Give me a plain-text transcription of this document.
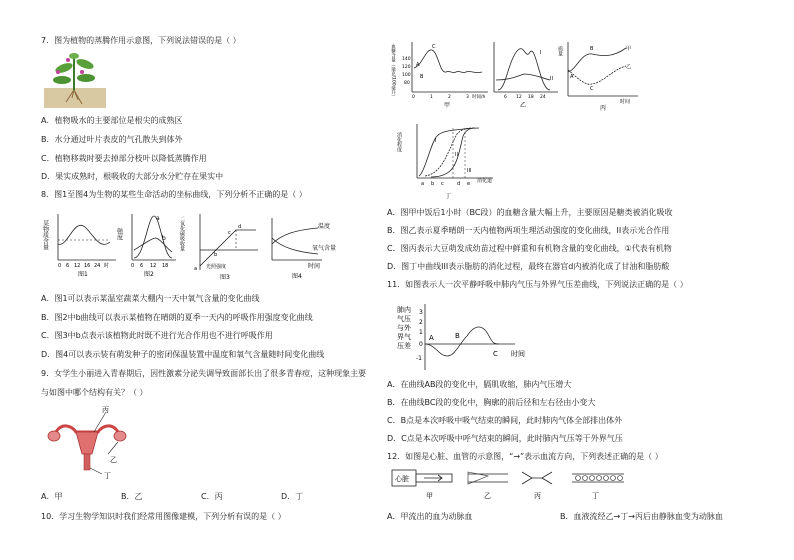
7．图为植物的蒸腾作用示意图，下列说法错误的是（ ）
A．植物吸水的主要部位是根尖的成熟区
B．水分通过叶片表皮的气孔散失到体外
C．植物移栽时要去掉部分枝叶以降低蒸腾作用
D．果实成熟时，根吸收的大部分水分贮存在果实中
8．图1至图4为生物的某些生命活动的坐标曲线，下列分析不正确的是（ ）
某物质含量
0 6 12 16 24 时
图1
强度
a
b
0 6 12 18
图2
二氧化碳吸收量
b
c
d
a 光照强度
图3
温度
氧气含量
时间
图4
A．图1可以表示某温室蔬菜大棚内一天中氧气含量的变化曲线
B．图2中b曲线可以表示某植物在晴朗的夏季一天内的呼吸作用强度变化曲线
C．图3中b点表示该植物此时既不进行光合作用也不进行呼吸作用
D．图4可以表示装有萌发种子的密闭保温装置中温度和氧气含量随时间变化曲线
9．女学生小丽进入青春期后，因性激素分泌失调导致面部长出了很多青春痘，这种现象主要
与如图中哪个结构有关？（ ）
丙
乙
丁
A．甲	B．乙	C．丙	D．丁
10．学习生物学知识时我们经常用图像建模，下列分析有误的是（ ）
血糖含量（毫克/100毫升） 140
120
100
80
C
A
B
0	1	2	3 时间/h
甲
I
II
6 12 18 24
乙
质量	B	甲
乙
A
C
时间
丙
消化程度	I
II
III
a b c	d e 消化道
丁
A．图甲中饭后1小时（BC段）的血糖含量大幅上升，主要原因是糖类被消化吸收
B．图乙表示夏季晴朗一天内植物两项生理活动强度的变化曲线，II表示光合作用
C．图丙表示大豆萌发成幼苗过程中鲜重和有机物含量的变化曲线，①代表有机物
D．图丁中曲线III表示脂肪的消化过程，最终在器官d内被消化成了甘油和脂肪酸
11．如图表示人一次平静呼吸中肺内气压与外界气压差曲线，下列说法正确的是（ ）
肺内
气压
与外
界气
压差
3
2
1
0
-1
A	B
C 时间
A．在曲线AB段的变化中，膈肌收缩，肺内气压增大
B．在曲线BC段的变化中，胸廓的前后径和左右径由小变大
C．B点是本次呼吸中吸气结束的瞬间，此时肺内气体全部排出体外
D．C点是本次呼吸中呼气结束的瞬间，此时肺内气压等于外界气压
12．如图是心脏、血管的示意图，“→”表示血流方向，下列表述正确的是（ ）
心脏
甲	乙	丙	丁
A．甲流出的血为动脉血	B．血液流经乙→丁→丙后由静脉血变为动脉血
